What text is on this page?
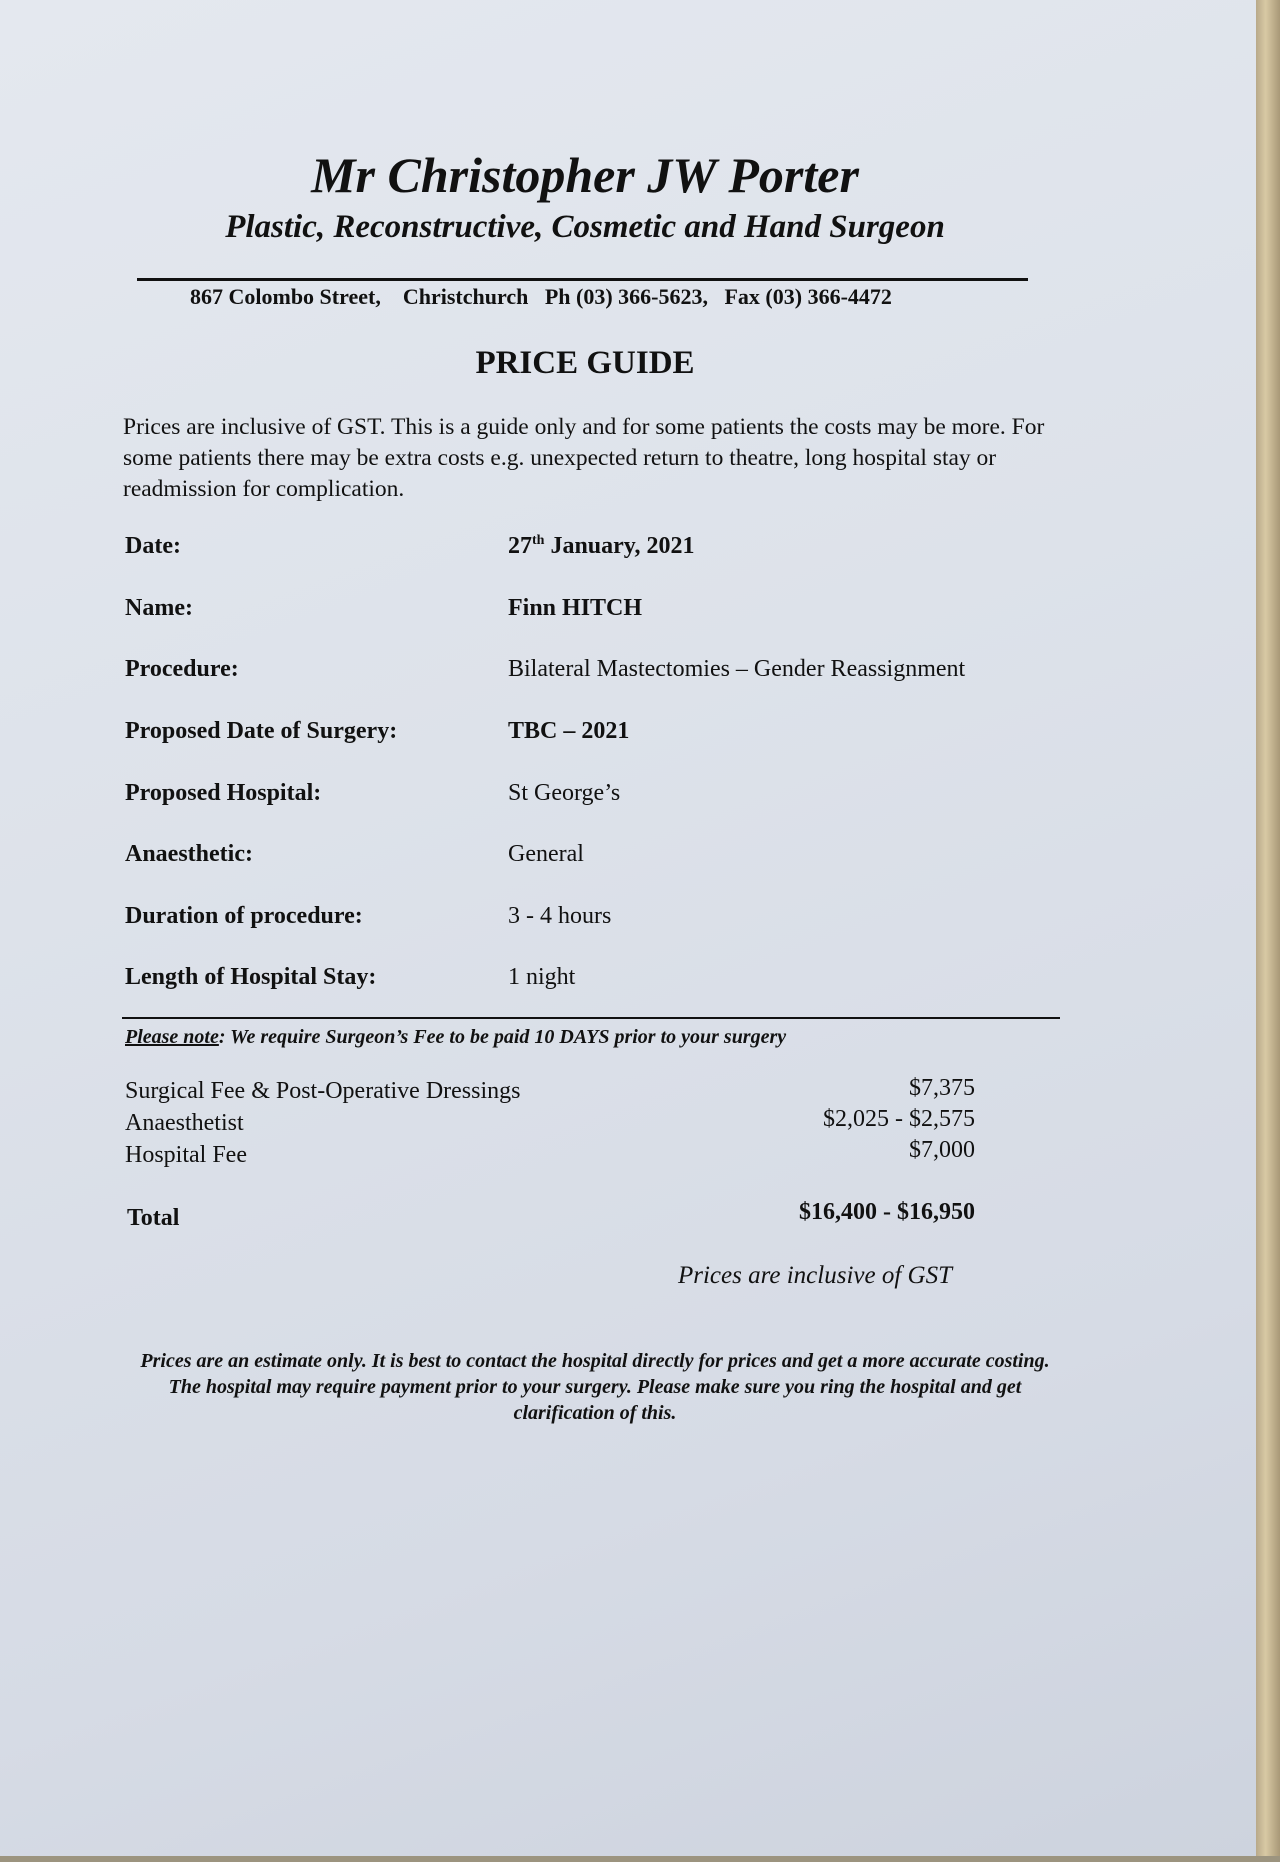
Mr Christopher JW Porter
Plastic, Reconstructive, Cosmetic and Hand Surgeon
867 Colombo Street,    Christchurch   Ph (03) 366-5623,   Fax (03) 366-4472
PRICE GUIDE
Prices are inclusive of GST. This is a guide only and for some patients the costs may be more. For some patients there may be extra costs e.g. unexpected return to theatre, long hospital stay or readmission for complication.
Date:	27th January, 2021
Name:	Finn HITCH
Procedure:	Bilateral Mastectomies – Gender Reassignment
Proposed Date of Surgery:	TBC – 2021
Proposed Hospital:	St George’s
Anaesthetic:	General
Duration of procedure:	3 - 4 hours
Length of Hospital Stay:	1 night
Please note: We require Surgeon’s Fee to be paid 10 DAYS prior to your surgery
Surgical Fee & Post-Operative Dressings	$7,375
Anaesthetist	$2,025 - $2,575
Hospital Fee	$7,000
Total	$16,400 - $16,950
Prices are inclusive of GST
Prices are an estimate only. It is best to contact the hospital directly for prices and get a more accurate costing. The hospital may require payment prior to your surgery. Please make sure you ring the hospital and get clarification of this.
